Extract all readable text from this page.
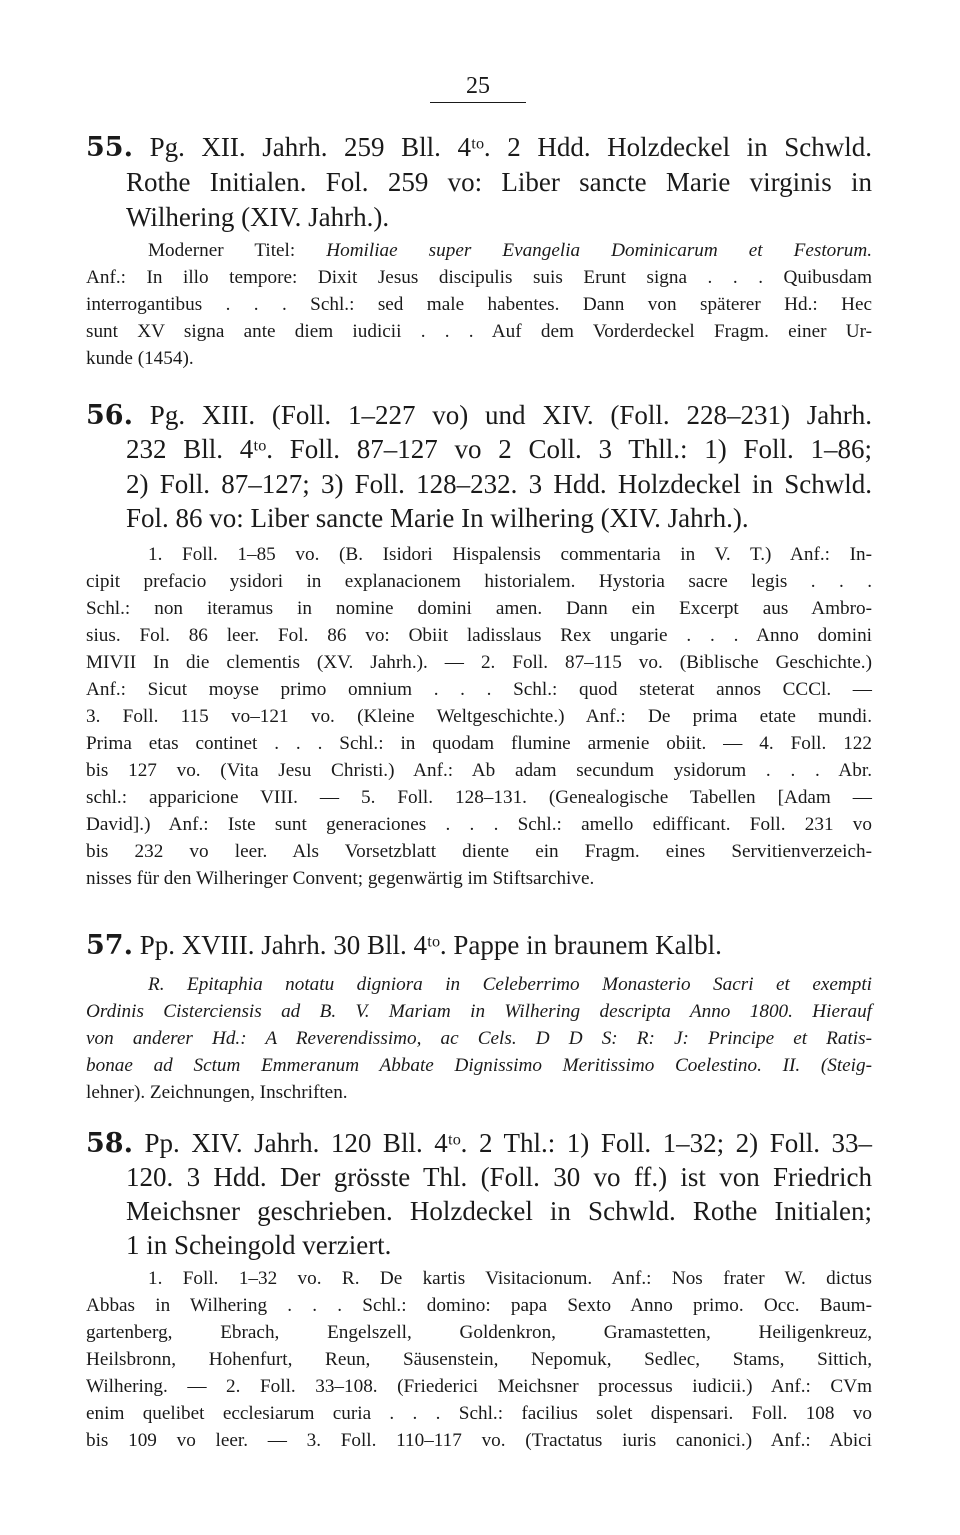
25
55. Pg. XII. Jahrh. 259 Bll. 4ᵗᵒ. 2 Hdd. Holzdeckel in Schwld.
Rothe Initialen. Fol. 259 vo: Liber sancte Marie virginis in
Wilhering (XIV. Jahrh.).
Moderner Titel: Homiliae super Evangelia Dominicarum et Festorum.
Anf.: In illo tempore: Dixit Jesus discipulis suis Erunt signa . . . Quibusdam
interrogantibus . . . Schl.: sed male habentes. Dann von späterer Hd.: Hec
sunt XV signa ante diem iudicii . . . Auf dem Vorderdeckel Fragm. einer Ur-
kunde (1454).
56. Pg. XIII. (Foll. 1–227 vo) und XIV. (Foll. 228–231) Jahrh.
232 Bll. 4ᵗᵒ. Foll. 87–127 vo 2 Coll. 3 Thll.: 1) Foll. 1–86;
2) Foll. 87–127; 3) Foll. 128–232. 3 Hdd. Holzdeckel in Schwld.
Fol. 86 vo: Liber sancte Marie In wilhering (XIV. Jahrh.).
1. Foll. 1–85 vo. (B. Isidori Hispalensis commentaria in V. T.) Anf.: In-
cipit prefacio ysidori in explanacionem historialem. Hystoria sacre legis . . .
Schl.: non iteramus in nomine domini amen. Dann ein Excerpt aus Ambro-
sius. Fol. 86 leer. Fol. 86 vo: Obiit ladisslaus Rex ungarie . . . Anno domini
MIVII In die clementis (XV. Jahrh.). — 2. Foll. 87–115 vo. (Biblische Geschichte.)
Anf.: Sicut moyse primo omnium . . . Schl.: quod steterat annos CCCl. —
3. Foll. 115 vo–121 vo. (Kleine Weltgeschichte.) Anf.: De prima etate mundi.
Prima etas continet . . . Schl.: in quodam flumine armenie obiit. — 4. Foll. 122
bis 127 vo. (Vita Jesu Christi.) Anf.: Ab adam secundum ysidorum . . . Abr.
schl.: apparicione VIII. — 5. Foll. 128–131. (Genealogische Tabellen [Adam —
David].) Anf.: Iste sunt generaciones . . . Schl.: amello edifficant. Foll. 231 vo
bis 232 vo leer. Als Vorsetzblatt diente ein Fragm. eines Servitienverzeich-
nisses für den Wilheringer Convent; gegenwärtig im Stiftsarchive.
57. Pp. XVIII. Jahrh. 30 Bll. 4ᵗᵒ. Pappe in braunem Kalbl.
R. Epitaphia notatu digniora in Celeberrimo Monasterio Sacri et exempti
Ordinis Cisterciensis ad B. V. Mariam in Wilhering descripta Anno 1800. Hierauf
von anderer Hd.: A Reverendissimo, ac Cels. D D S: R: J: Principe et Ratis-
bonae ad Sctum Emmeranum Abbate Dignissimo Meritissimo Coelestino. II. (Steig-
lehner). Zeichnungen, Inschriften.
58. Pp. XIV. Jahrh. 120 Bll. 4ᵗᵒ. 2 Thl.: 1) Foll. 1–32; 2) Foll. 33–
120. 3 Hdd. Der grösste Thl. (Foll. 30 vo ff.) ist von Friedrich
Meichsner geschrieben. Holzdeckel in Schwld. Rothe Initialen;
1 in Scheingold verziert.
1. Foll. 1–32 vo. R. De kartis Visitacionum. Anf.: Nos frater W. dictus
Abbas in Wilhering . . . Schl.: domino: papa Sexto Anno primo. Occ. Baum-
gartenberg, Ebrach, Engelszell, Goldenkron, Gramastetten, Heiligenkreuz,
Heilsbronn, Hohenfurt, Reun, Säusenstein, Nepomuk, Sedlec, Stams, Sittich,
Wilhering. — 2. Foll. 33–108. (Friederici Meichsner processus iudicii.) Anf.: CVm
enim quelibet ecclesiarum curia . . . Schl.: facilius solet dispensari. Foll. 108 vo
bis 109 vo leer. — 3. Foll. 110–117 vo. (Tractatus iuris canonici.) Anf.: Abici
